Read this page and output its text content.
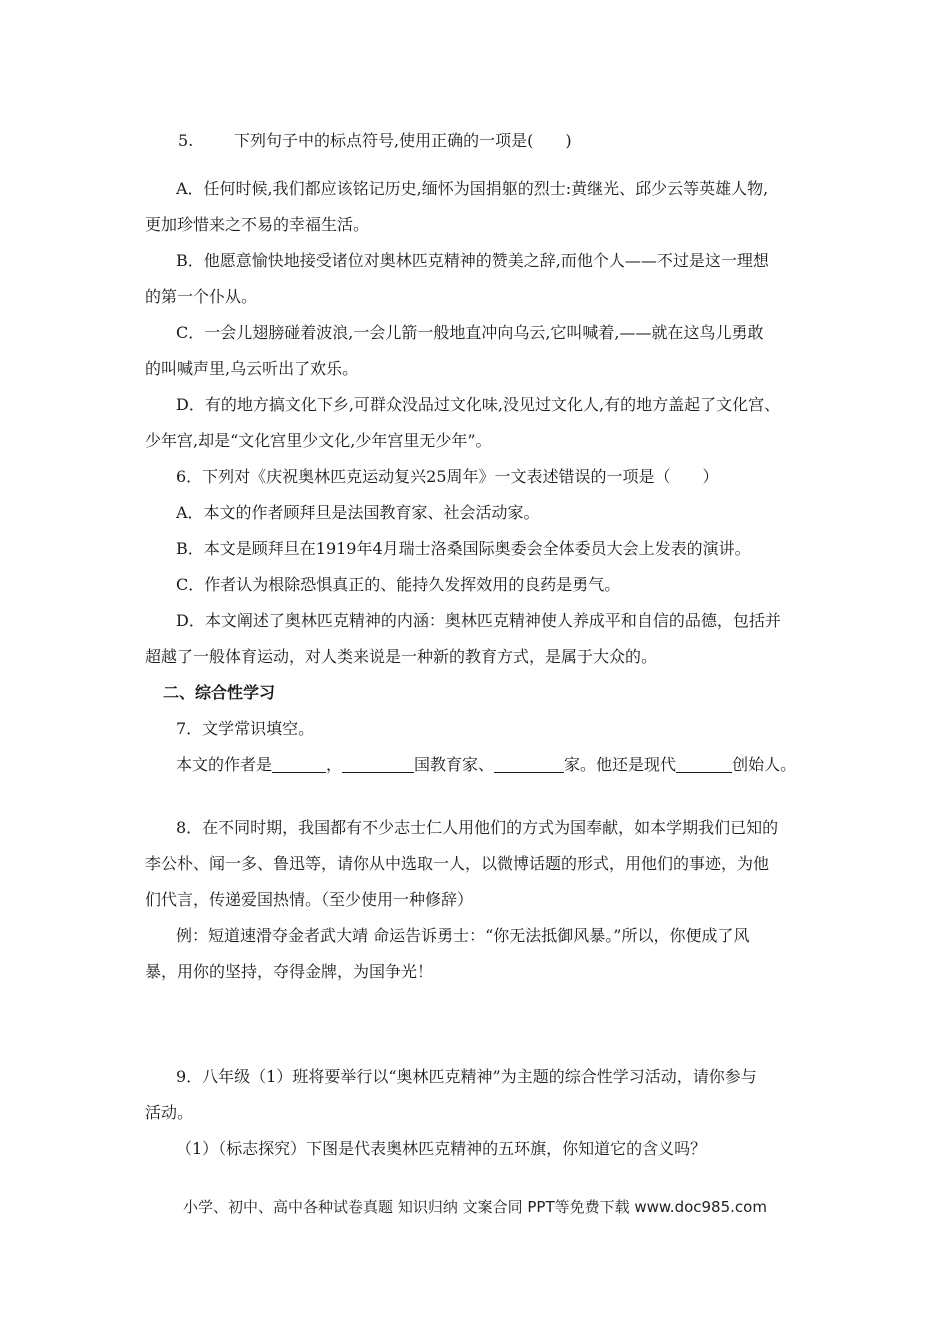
5.	下列句子中的标点符号,使用正确的一项是(　　)
A．任何时候,我们都应该铭记历史,缅怀为国捐躯的烈士:黄继光、邱少云等英雄人物,
更加珍惜来之不易的幸福生活。
B．他愿意愉快地接受诸位对奥林匹克精神的赞美之辞,而他个人——不过是这一理想
的第一个仆从。
C．一会儿翅膀碰着波浪,一会儿箭一般地直冲向乌云,它叫喊着,——就在这鸟儿勇敢
的叫喊声里,乌云听出了欢乐。
D．有的地方搞文化下乡,可群众没品过文化味,没见过文化人,有的地方盖起了文化宫、
少年宫,却是“文化宫里少文化,少年宫里无少年”。
6．下列对《庆祝奥林匹克运动复兴25周年》一文表述错误的一项是（　　）
A．本文的作者顾拜旦是法国教育家、社会活动家。
B．本文是顾拜旦在1919年4月瑞士洛桑国际奥委会全体委员大会上发表的演讲。
C．作者认为根除恐惧真正的、能持久发挥效用的良药是勇气。
D．本文阐述了奥林匹克精神的内涵：奥林匹克精神使人养成平和自信的品德，包括并
超越了一般体育运动，对人类来说是一种新的教育方式，是属于大众的。
二、综合性学习
7．文学常识填空。
本文的作者是	，	国教育家、	家。他还是现代	创始人。
8．在不同时期，我国都有不少志士仁人用他们的方式为国奉献，如本学期我们已知的
李公朴、闻一多、鲁迅等，请你从中选取一人，以微博话题的形式，用他们的事迹，为他
们代言，传递爱国热情。（至少使用一种修辞）
例：短道速滑夺金者武大靖 命运告诉勇士：“你无法抵御风暴。”所以，你便成了风
暴，用你的坚持，夺得金牌，为国争光！
9．八年级（1）班将要举行以“奥林匹克精神”为主题的综合性学习活动，请你参与
活动。
（1）（标志探究）下图是代表奥林匹克精神的五环旗，你知道它的含义吗？
小学、初中、高中各种试卷真题 知识归纳 文案合同 PPT等免费下载 www.doc985.com
